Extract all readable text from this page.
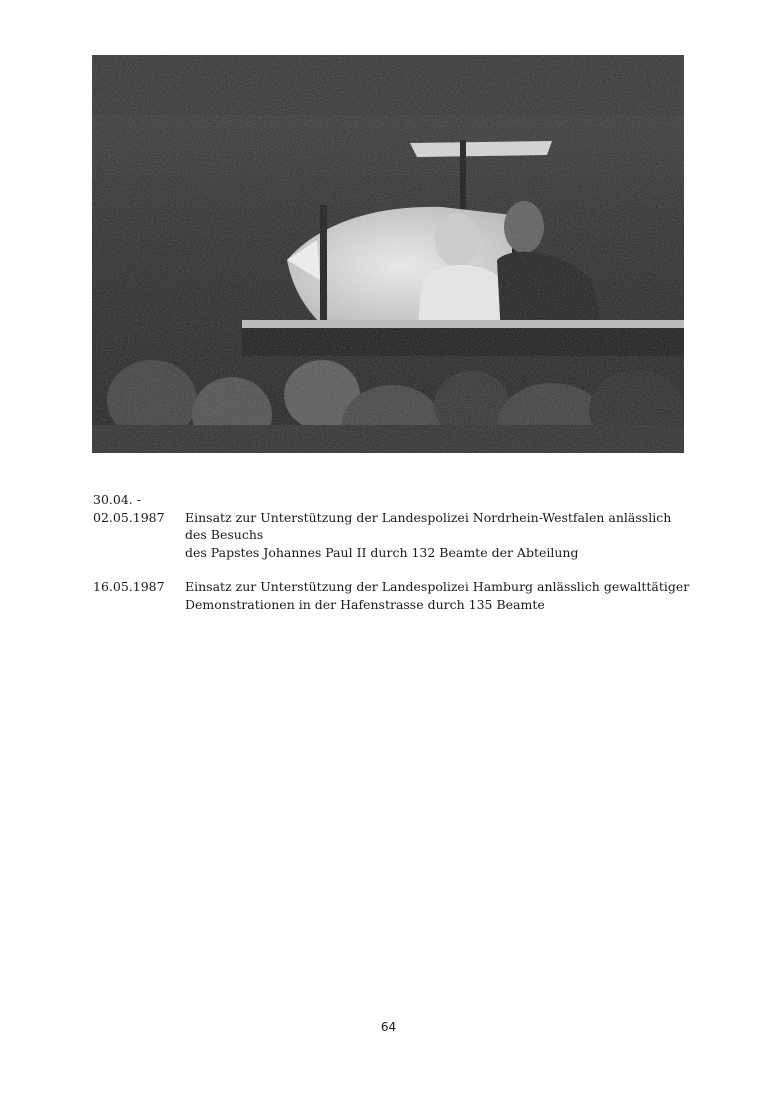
30.04. -
02.05.1987	Einsatz zur Unterstützung der Landespolizei Nordrhein-Westfalen anlässlich des Besuchs
des Papstes Johannes Paul II durch 132 Beamte der Abteilung
16.05.1987	Einsatz zur Unterstützung der Landespolizei Hamburg anlässlich gewalttätiger
Demonstrationen in der Hafenstrasse durch 135 Beamte
64
